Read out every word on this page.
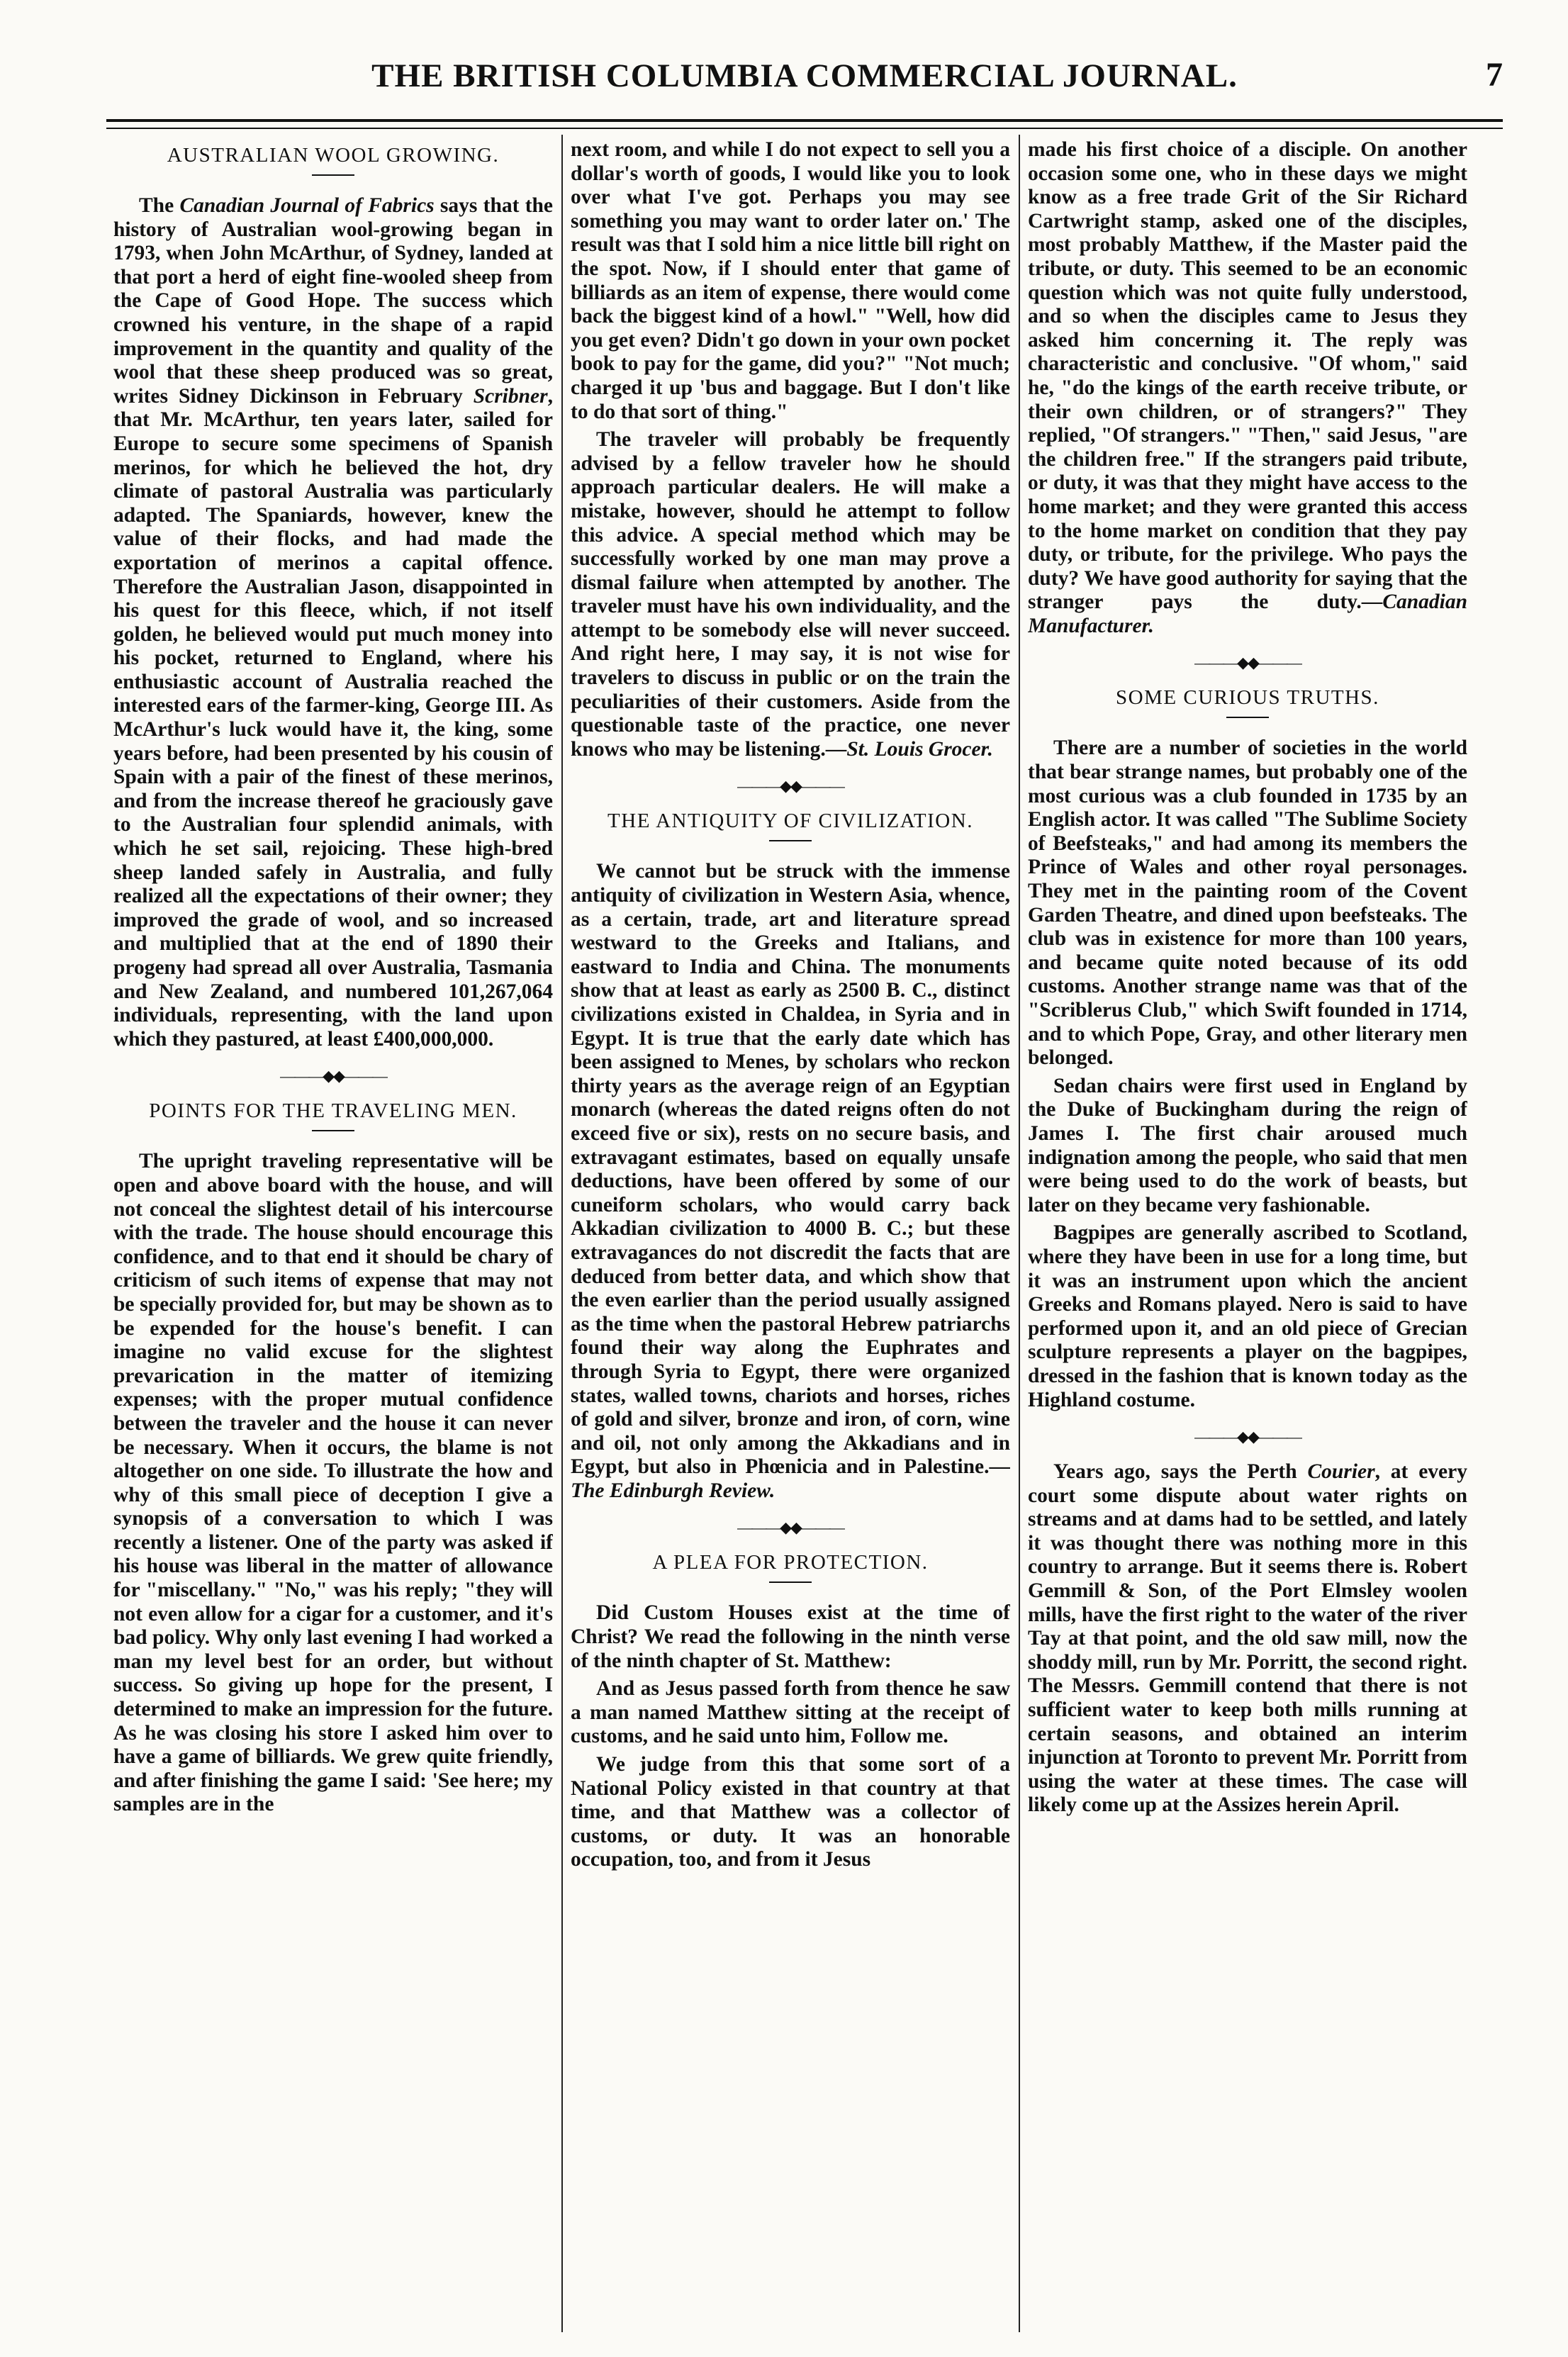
THE BRITISH COLUMBIA COMMERCIAL JOURNAL.	7
AUSTRALIAN WOOL GROWING.

The Canadian Journal of Fabrics says that the history of Australian wool-growing began in 1793, when John McArthur, of Sydney, landed at that port a herd of eight fine-wooled sheep from the Cape of Good Hope. The success which crowned his venture, in the shape of a rapid improvement in the quantity and quality of the wool that these sheep produced was so great, writes Sidney Dickinson in February Scribner, that Mr. McArthur, ten years later, sailed for Europe to secure some specimens of Spanish merinos, for which he believed the hot, dry climate of pastoral Australia was particularly adapted. The Spaniards, however, knew the value of their flocks, and had made the exportation of merinos a capital offence. Therefore the Australian Jason, disappointed in his quest for this fleece, which, if not itself golden, he believed would put much money into his pocket, returned to England, where his enthusiastic account of Australia reached the interested ears of the farmer-king, George III. As McArthur's luck would have it, the king, some years before, had been presented by his cousin of Spain with a pair of the finest of these merinos, and from the increase thereof he graciously gave to the Australian four splendid animals, with which he set sail, rejoicing. These high-bred sheep landed safely in Australia, and fully realized all the expectations of their owner; they improved the grade of wool, and so increased and multiplied that at the end of 1890 their progeny had spread all over Australia, Tasmania and New Zealand, and numbered 101,267,064 individuals, representing, with the land upon which they pastured, at least £400,000,000.

———◆◆———
POINTS FOR THE TRAVELING MEN.

The upright traveling representative will be open and above board with the house, and will not conceal the slightest detail of his intercourse with the trade. The house should encourage this confidence, and to that end it should be chary of criticism of such items of expense that may not be specially provided for, but may be shown as to be expended for the house's benefit. I can imagine no valid excuse for the slightest prevarication in the matter of itemizing expenses; with the proper mutual confidence between the traveler and the house it can never be necessary. When it occurs, the blame is not altogether on one side. To illustrate the how and why of this small piece of deception I give a synopsis of a conversation to which I was recently a listener. One of the party was asked if his house was liberal in the matter of allowance for "miscellany." "No," was his reply; "they will not even allow for a cigar for a customer, and it's bad policy. Why only last evening I had worked a man my level best for an order, but without success. So giving up hope for the present, I determined to make an impression for the future. As he was closing his store I asked him over to have a game of billiards. We grew quite friendly, and after finishing the game I said: 'See here; my samples are in the

next room, and while I do not expect to sell you a dollar's worth of goods, I would like you to look over what I've got. Perhaps you may see something you may want to order later on.' The result was that I sold him a nice little bill right on the spot. Now, if I should enter that game of billiards as an item of expense, there would come back the biggest kind of a howl." "Well, how did you get even? Didn't go down in your own pocket book to pay for the game, did you?" "Not much; charged it up 'bus and baggage. But I don't like to do that sort of thing."

The traveler will probably be frequently advised by a fellow traveler how he should approach particular dealers. He will make a mistake, however, should he attempt to follow this advice. A special method which may be successfully worked by one man may prove a dismal failure when attempted by another. The traveler must have his own individuality, and the attempt to be somebody else will never succeed. And right here, I may say, it is not wise for travelers to discuss in public or on the train the peculiarities of their customers. Aside from the questionable taste of the practice, one never knows who may be listening.—St. Louis Grocer.

———◆◆———
THE ANTIQUITY OF CIVILIZATION.

We cannot but be struck with the immense antiquity of civilization in Western Asia, whence, as a certain, trade, art and literature spread westward to the Greeks and Italians, and eastward to India and China. The monuments show that at least as early as 2500 B. C., distinct civilizations existed in Chaldea, in Syria and in Egypt. It is true that the early date which has been assigned to Menes, by scholars who reckon thirty years as the average reign of an Egyptian monarch (whereas the dated reigns often do not exceed five or six), rests on no secure basis, and extravagant estimates, based on equally unsafe deductions, have been offered by some of our cuneiform scholars, who would carry back Akkadian civilization to 4000 B. C.; but these extravagances do not discredit the facts that are deduced from better data, and which show that the even earlier than the period usually assigned as the time when the pastoral Hebrew patriarchs found their way along the Euphrates and through Syria to Egypt, there were organized states, walled towns, chariots and horses, riches of gold and silver, bronze and iron, of corn, wine and oil, not only among the Akkadians and in Egypt, but also in Phœnicia and in Palestine.—The Edinburgh Review.

———◆◆———
A PLEA FOR PROTECTION.

Did Custom Houses exist at the time of Christ? We read the following in the ninth verse of the ninth chapter of St. Matthew:

And as Jesus passed forth from thence he saw a man named Matthew sitting at the receipt of customs, and he said unto him, Follow me.

We judge from this that some sort of a National Policy existed in that country at that time, and that Matthew was a collector of customs, or duty. It was an honorable occupation, too, and from it Jesus

made his first choice of a disciple. On another occasion some one, who in these days we might know as a free trade Grit of the Sir Richard Cartwright stamp, asked one of the disciples, most probably Matthew, if the Master paid the tribute, or duty. This seemed to be an economic question which was not quite fully understood, and so when the disciples came to Jesus they asked him concerning it. The reply was characteristic and conclusive. "Of whom," said he, "do the kings of the earth receive tribute, or their own children, or of strangers?" They replied, "Of strangers." "Then," said Jesus, "are the children free." If the strangers paid tribute, or duty, it was that they might have access to the home market; and they were granted this access to the home market on condition that they pay duty, or tribute, for the privilege. Who pays the duty? We have good authority for saying that the stranger pays the duty.—Canadian Manufacturer.

———◆◆———
SOME CURIOUS TRUTHS.

There are a number of societies in the world that bear strange names, but probably one of the most curious was a club founded in 1735 by an English actor. It was called "The Sublime Society of Beefsteaks," and had among its members the Prince of Wales and other royal personages. They met in the painting room of the Covent Garden Theatre, and dined upon beefsteaks. The club was in existence for more than 100 years, and became quite noted because of its odd customs. Another strange name was that of the "Scriblerus Club," which Swift founded in 1714, and to which Pope, Gray, and other literary men belonged.

Sedan chairs were first used in England by the Duke of Buckingham during the reign of James I. The first chair aroused much indignation among the people, who said that men were being used to do the work of beasts, but later on they became very fashionable.

Bagpipes are generally ascribed to Scotland, where they have been in use for a long time, but it was an instrument upon which the ancient Greeks and Romans played. Nero is said to have performed upon it, and an old piece of Grecian sculpture represents a player on the bagpipes, dressed in the fashion that is known today as the Highland costume.

———◆◆———

Years ago, says the Perth Courier, at every court some dispute about water rights on streams and at dams had to be settled, and lately it was thought there was nothing more in this country to arrange. But it seems there is. Robert Gemmill & Son, of the Port Elmsley woolen mills, have the first right to the water of the river Tay at that point, and the old saw mill, now the shoddy mill, run by Mr. Porritt, the second right. The Messrs. Gemmill contend that there is not sufficient water to keep both mills running at certain seasons, and obtained an interim injunction at Toronto to prevent Mr. Porritt from using the water at these times. The case will likely come up at the Assizes herein April.
